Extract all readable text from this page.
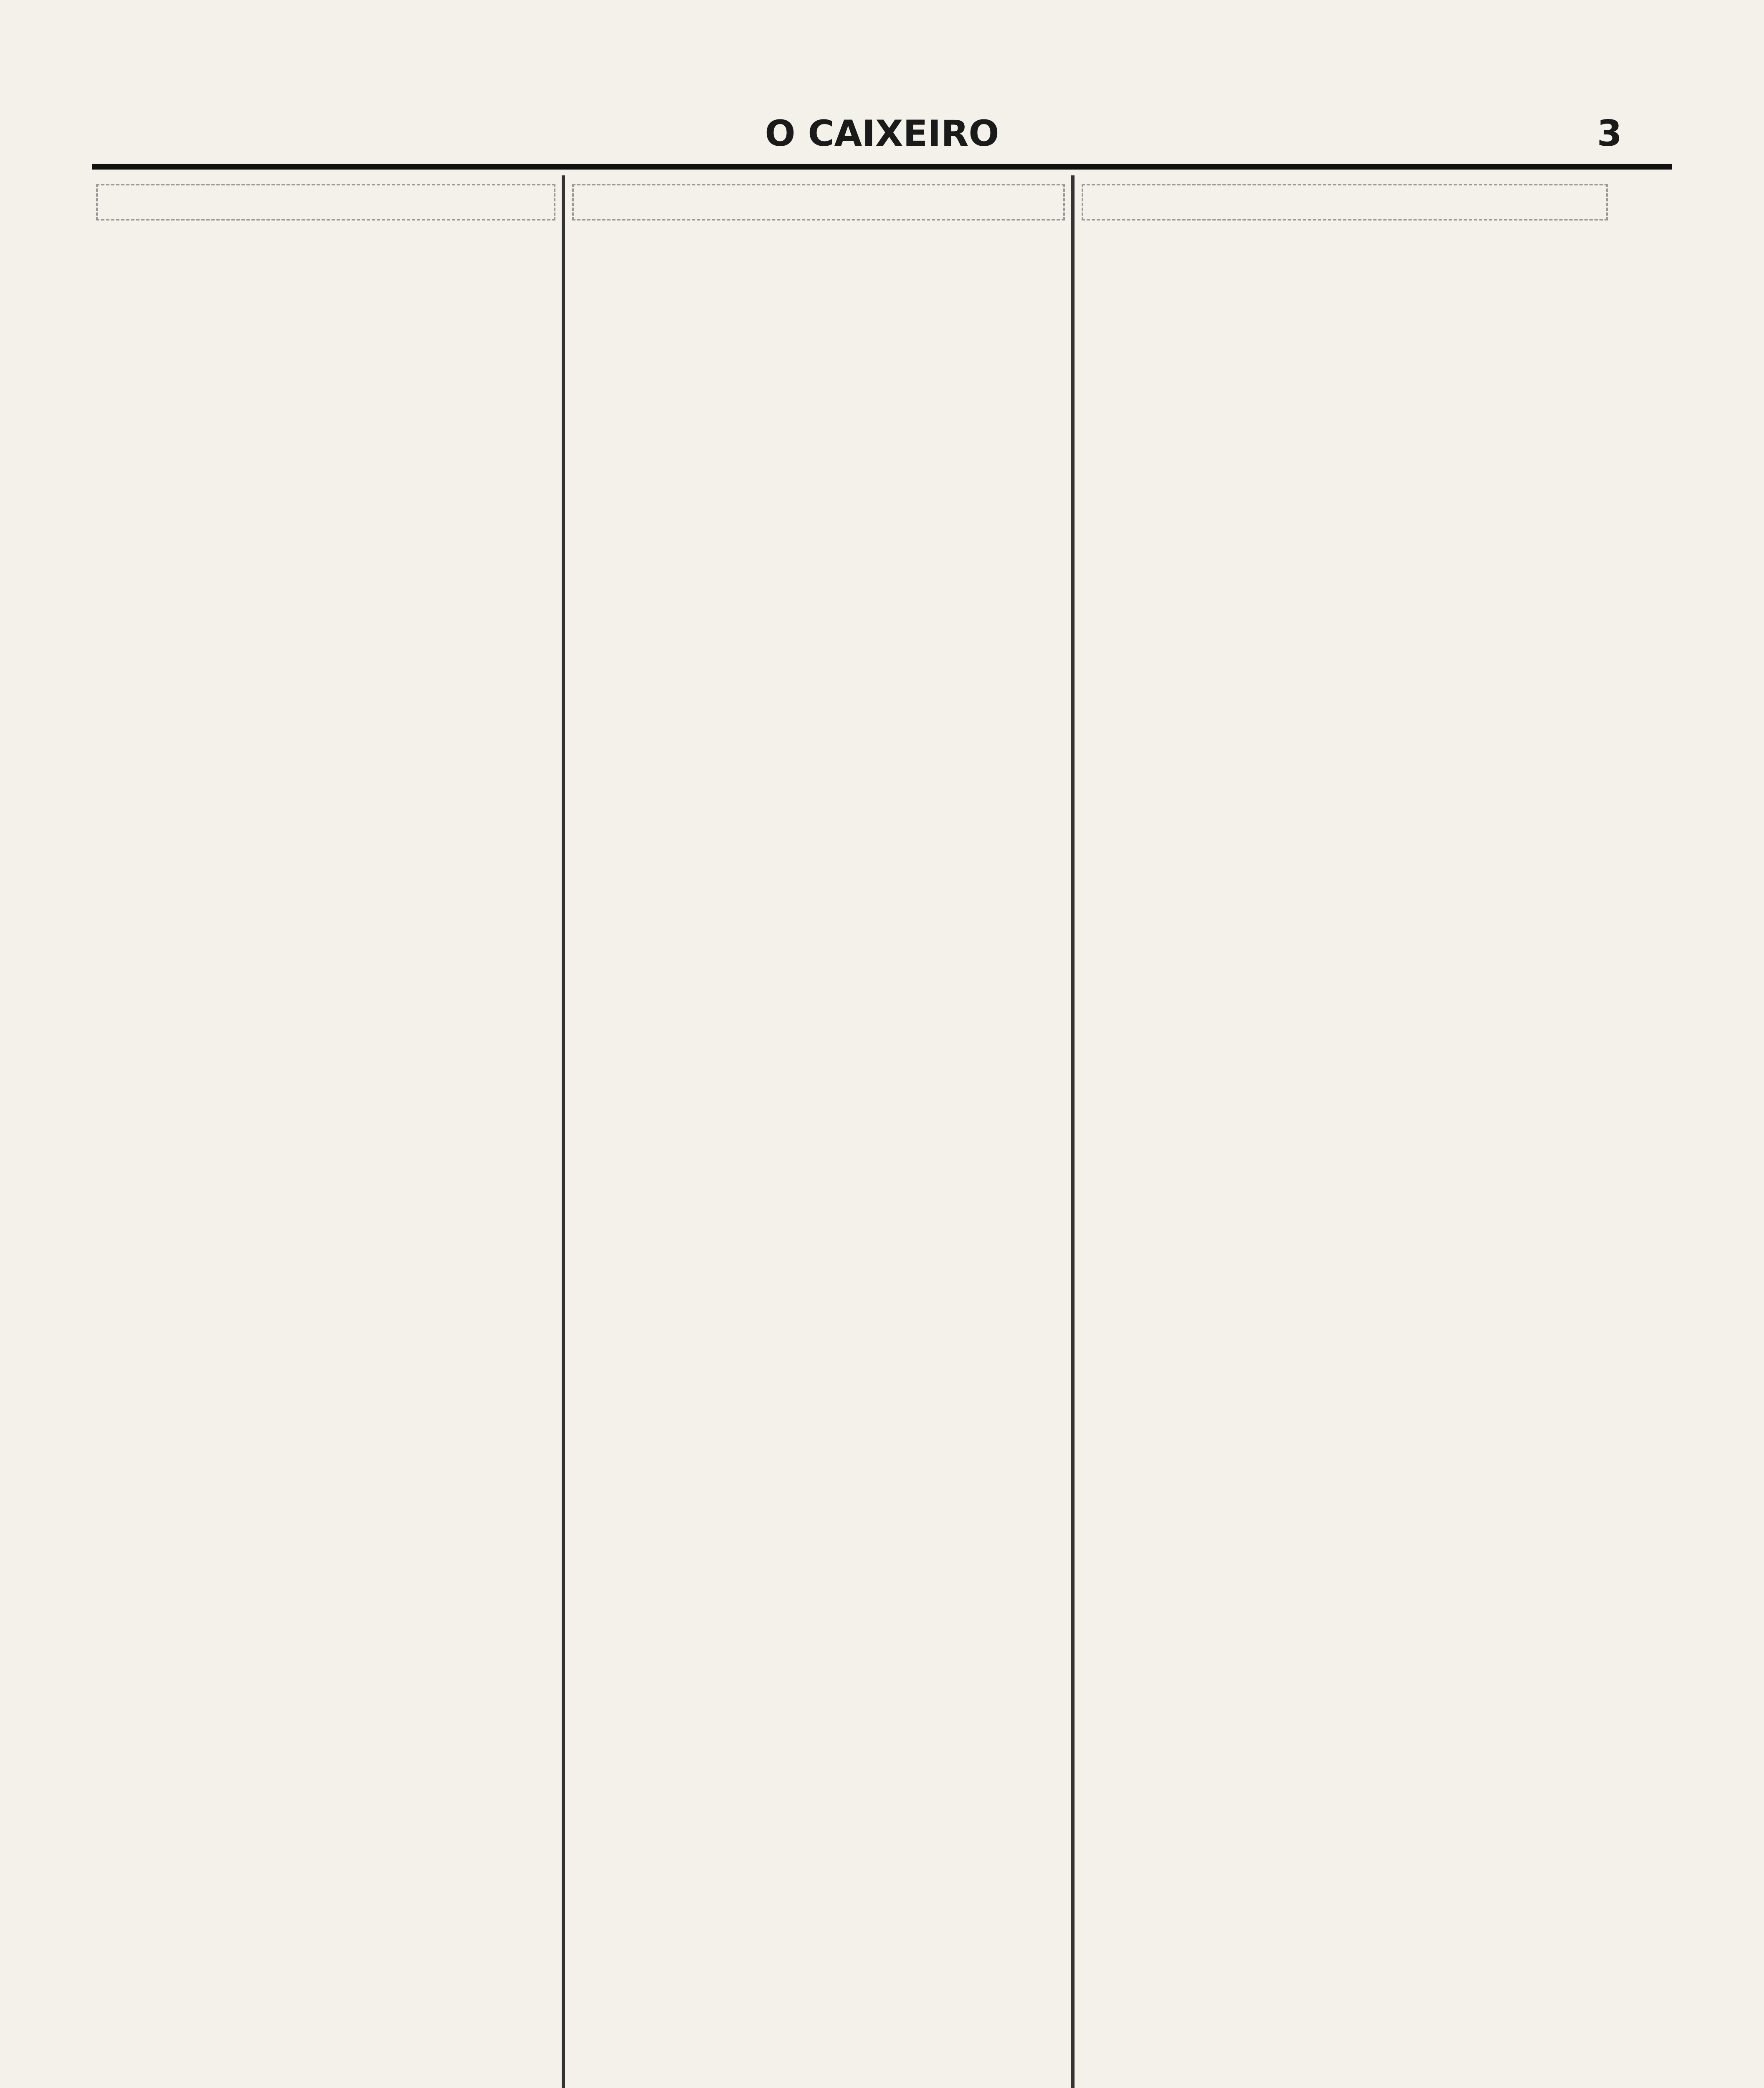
O CAIXEIRO	3
